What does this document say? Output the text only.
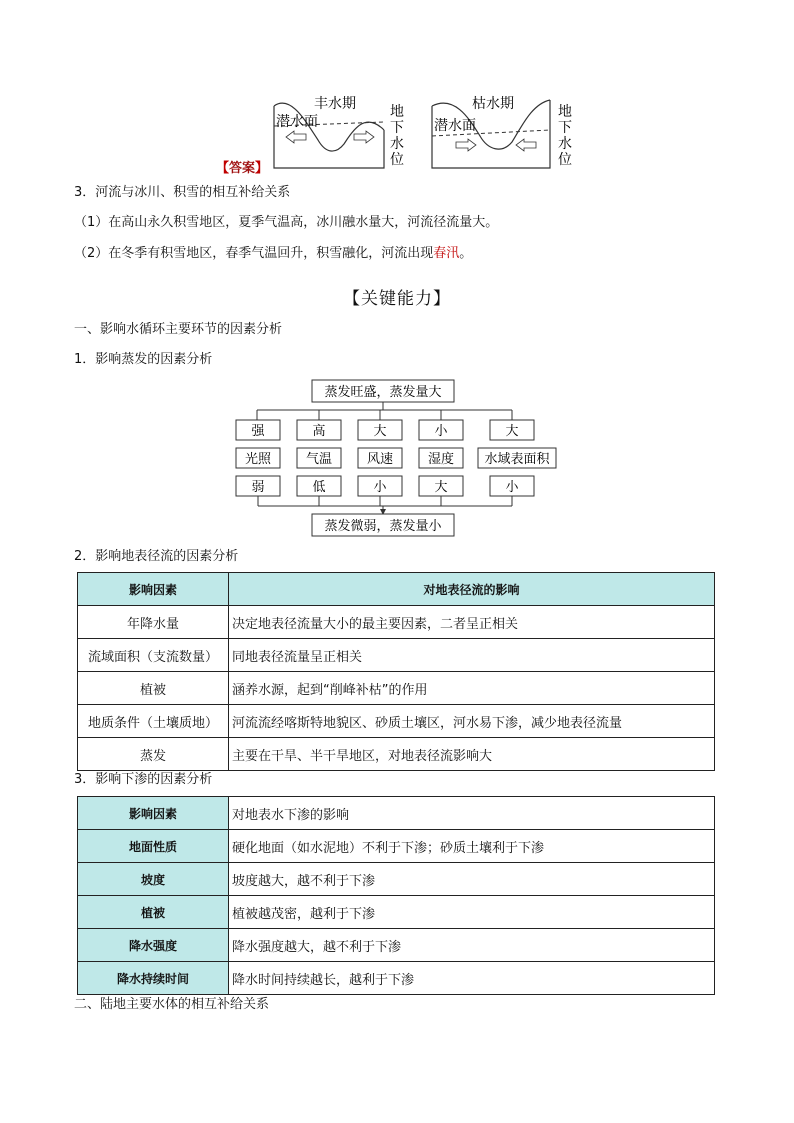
丰水期
潜水面
地
下
水
位
枯水期
潜水面
地
下
水
位
【答案】
3．河流与冰川、积雪的相互补给关系
（1）在高山永久积雪地区，夏季气温高，冰川融水量大，河流径流量大。
（2）在冬季有积雪地区，春季气温回升，积雪融化，河流出现春汛。
【关键能力】
一、影响水循环主要环节的因素分析
1．影响蒸发的因素分析
蒸发旺盛，蒸发量大
强
光照
弱
高
气温
低
大
风速
小
小
湿度
大
大
水域表面积
小
蒸发微弱，蒸发量小
2．影响地表径流的因素分析
影响因素	对地表径流的影响
年降水量	决定地表径流量大小的最主要因素，二者呈正相关
流域面积（支流数量）	同地表径流量呈正相关
植被	涵养水源，起到“削峰补枯”的作用
地质条件（土壤质地）	河流流经喀斯特地貌区、砂质土壤区，河水易下渗，减少地表径流量
蒸发	主要在干旱、半干旱地区，对地表径流影响大
3．影响下渗的因素分析
影响因素	对地表水下渗的影响
地面性质	硬化地面（如水泥地）不利于下渗；砂质土壤利于下渗
坡度	坡度越大，越不利于下渗
植被	植被越茂密，越利于下渗
降水强度	降水强度越大，越不利于下渗
降水持续时间	降水时间持续越长，越利于下渗
二、陆地主要水体的相互补给关系
